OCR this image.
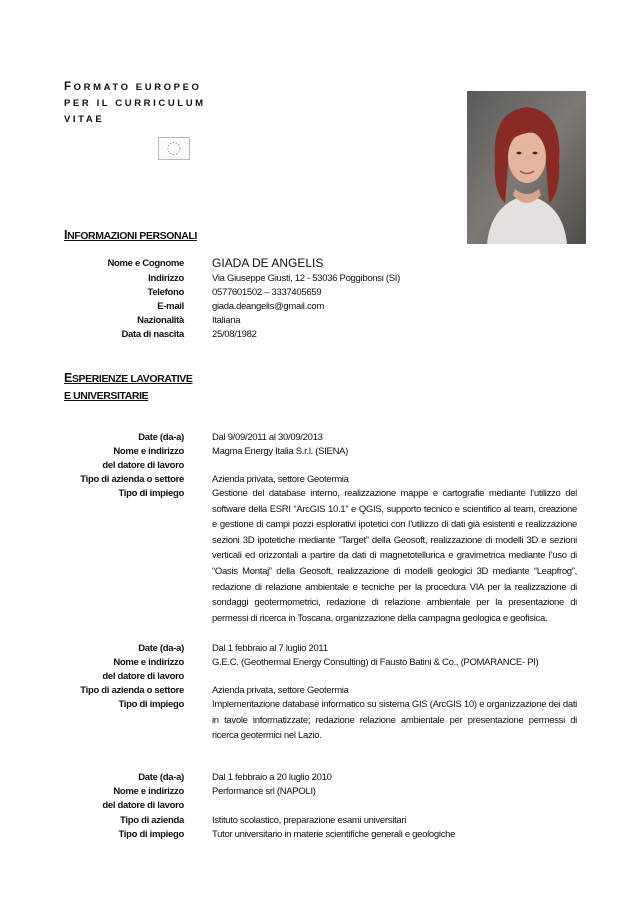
FORMATO EUROPEO
PER IL CURRICULUM
VITAE
INFORMAZIONI PERSONALI
Nome e Cognome GIADA DE ANGELIS
Indirizzo	Via Giuseppe Giusti, 12 - 53036 Poggibonsi (SI)
Telefono	0577601502 – 3337405659
E-mail	giada.deangelis@gmail.com
Nazionalità	Italiana
Data di nascita	25/08/1982
ESPERIENZE LAVORATIVE
E UNIVERSITARIE
Date (da-a)	Dal 9/09/2011 al 30/09/2013
Nome e indirizzo	Magma Energy Italia S.r.l. (SIENA)
del datore di lavoro
Tipo di azienda o settore	Azienda privata, settore Geotermia
Tipo di impiego	Gestione del database interno, realizzazione mappe e cartografie mediante l’utilizzo del software della ESRI “ArcGIS 10.1” e QGIS, supporto tecnico e scientifico al team, creazione e gestione di campi pozzi esplorativi ipotetici con l’utilizzo di dati già esistenti e realizzazione sezioni 3D ipotetiche mediante “Target” della Geosoft, realizzazione di modelli 3D e sezioni verticali ed orizzontali a partire da dati di magnetotellurica e gravimetrica mediante l’uso di “Oasis Montaj” della Geosoft, realizzazione di modelli geologici 3D mediante “Leapfrog”, redazione di relazione ambientale e tecniche per la procedura VIA per la realizzazione di sondaggi geotermometrici, redazione di relazione ambientale per la presentazione di permessi di ricerca in Toscana, organizzazione della campagna geologica e geofisica.
Date (da-a)	Dal 1 febbraio al 7 luglio 2011
Nome e indirizzo	G.E.C. (Geothermal Energy Consulting) di Fausto Batini & Co., (POMARANCE- PI)
del datore di lavoro
Tipo di azienda o settore	Azienda privata, settore Geotermia
Tipo di impiego	Implementazione database informatico su sistema GIS (ArcGIS 10) e organizzazione dei dati in tavole informatizzate; redazione relazione ambientale per presentazione permessi di ricerca geotermici nel Lazio.
Date (da-a)	Dal 1 febbraio a 20 luglio 2010
Nome e indirizzo	Performance srl (NAPOLI)
del datore di lavoro
Tipo di azienda	Istituto scolastico, preparazione esami universitari
Tipo di impiego	Tutor universitario in materie scientifiche generali e geologiche
